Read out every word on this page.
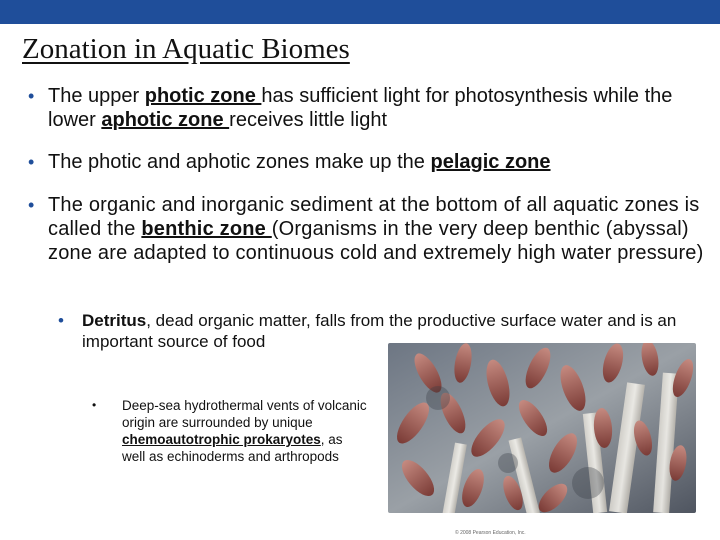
Zonation in Aquatic Biomes
• The upper photic zone has sufficient light for photosynthesis while the lower aphotic zone receives little light
• The photic and aphotic zones make up the pelagic zone
• The organic and inorganic sediment at the bottom of all aquatic zones is called the benthic zone (Organisms in the very deep benthic (abyssal) zone are adapted to continuous cold and extremely high water pressure)
• Detritus, dead organic matter, falls from the productive surface water and is an important source of food
• Deep-sea hydrothermal vents of volcanic origin are surrounded by unique chemoautotrophic prokaryotes, as well as echinoderms and arthropods
© 2008 Pearson Education, Inc.
